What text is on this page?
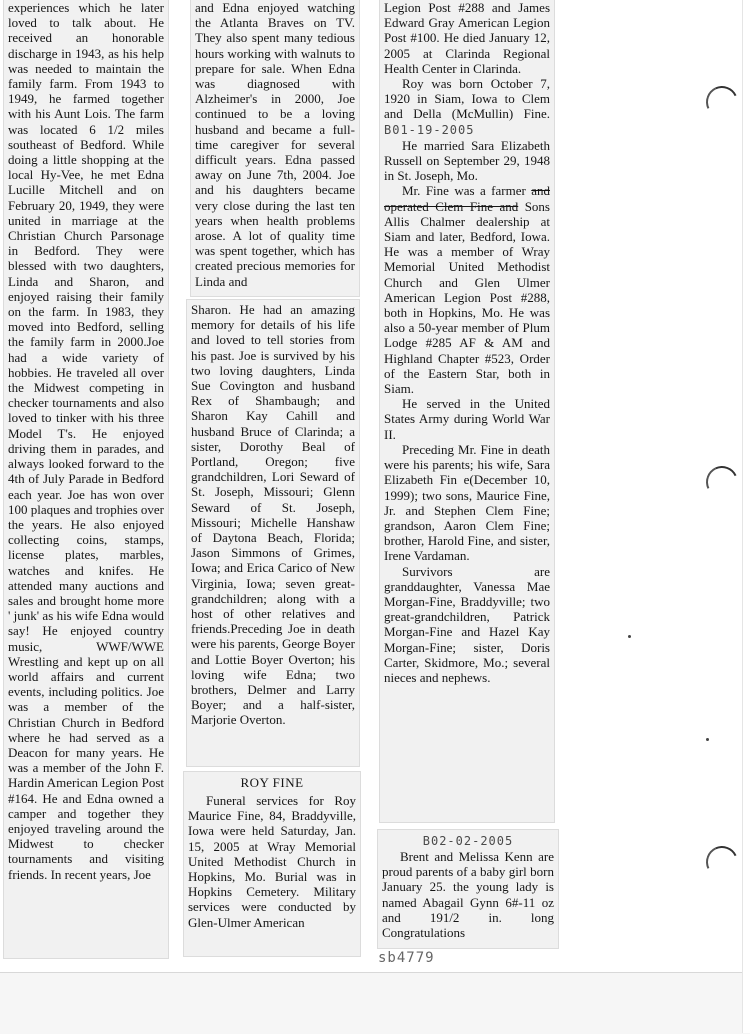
experiences which he later loved to talk about. He received an honorable discharge in 1943, as his help was needed to maintain the family farm. From 1943 to 1949, he farmed together with his Aunt Lois. The farm was located 6 1/2 miles southeast of Bedford. While doing a little shopping at the local Hy-Vee, he met Edna Lucille Mitchell and on February 20, 1949, they were united in marriage at the Christian Church Parsonage in Bedford. They were blessed with two daughters, Linda and Sharon, and enjoyed raising their family on the farm. In 1983, they moved into Bedford, selling the family farm in 2000.Joe had a wide variety of hobbies. He traveled all over the Midwest competing in checker tournaments and also loved to tinker with his three Model T's. He enjoyed driving them in parades, and always looked forward to the 4th of July Parade in Bedford each year. Joe has won over 100 plaques and trophies over the years. He also enjoyed collecting coins, stamps, license plates, marbles, watches and knifes. He attended many auctions and sales and brought home more ' junk' as his wife Edna would say! He enjoyed country music, WWF/WWE Wrestling and kept up on all world affairs and current events, including politics. Joe was a member of the Christian Church in Bedford where he had served as a Deacon for many years. He was a member of the John F. Hardin American Legion Post #164. He and Edna owned a camper and together they enjoyed traveling around the Midwest to checker tournaments and visiting friends. In recent years, Joe

and Edna enjoyed watching the Atlanta Braves on TV. They also spent many tedious hours working with walnuts to prepare for sale. When Edna was diagnosed with Alzheimer's in 2000, Joe continued to be a loving husband and became a full-time caregiver for several difficult years. Edna passed away on June 7th, 2004. Joe and his daughters became very close during the last ten years when health problems arose. A lot of quality time was spent together, which has created precious memories for Linda and

Sharon. He had an amazing memory for details of his life and loved to tell stories from his past. Joe is survived by his two loving daughters, Linda Sue Covington and husband Rex of Shambaugh; and Sharon Kay Cahill and husband Bruce of Clarinda; a sister, Dorothy Beal of Portland, Oregon; five grandchildren, Lori Seward of St. Joseph, Missouri; Glenn Seward of St. Joseph, Missouri; Michelle Hanshaw of Daytona Beach, Florida; Jason Simmons of Grimes, Iowa; and Erica Carico of New Virginia, Iowa; seven great-grandchildren; along with a host of other relatives and friends.Preceding Joe in death were his parents, George Boyer and Lottie Boyer Overton; his loving wife Edna; two brothers, Delmer and Larry Boyer; and a half-sister, Marjorie Overton.

ROY FINE

Funeral services for Roy Maurice Fine, 84, Braddyville, Iowa were held Saturday, Jan. 15, 2005 at Wray Memorial United Methodist Church in Hopkins, Mo. Burial was in Hopkins Cemetery. Military services were conducted by Glen-Ulmer American

Legion Post #288 and James Edward Gray American Legion Post #100. He died January 12, 2005 at Clarinda Regional Health Center in Clarinda.

Roy was born October 7, 1920 in Siam, Iowa to Clem and Della (McMullin) Fine. B01-19-2005

He married Sara Elizabeth Russell on September 29, 1948 in St. Joseph, Mo.

Mr. Fine was a farmer and operated Clem Fine and Sons Allis Chalmer dealership at Siam and later, Bedford, Iowa. He was a member of Wray Memorial United Methodist Church and Glen Ulmer American Legion Post #288, both in Hopkins, Mo. He was also a 50-year member of Plum Lodge #285 AF & AM and Highland Chapter #523, Order of the Eastern Star, both in Siam.

He served in the United States Army during World War II.

Preceding Mr. Fine in death were his parents; his wife, Sara Elizabeth Fin e(December 10, 1999); two sons, Maurice Fine, Jr. and Stephen Clem Fine; grandson, Aaron Clem Fine; brother, Harold Fine, and sister, Irene Vardaman.

Survivors are granddaughter, Vanessa Mae Morgan-Fine, Braddyville; two great-grandchildren, Patrick Morgan-Fine and Hazel Kay Morgan-Fine; sister, Doris Carter, Skidmore, Mo.; several nieces and nephews.

B02-02-2005

Brent and Melissa Kenn are proud parents of a baby girl born January 25. the young lady is named Abagail Gynn 6#-11 oz and 191/2 in. long Congratulations

sb4779
